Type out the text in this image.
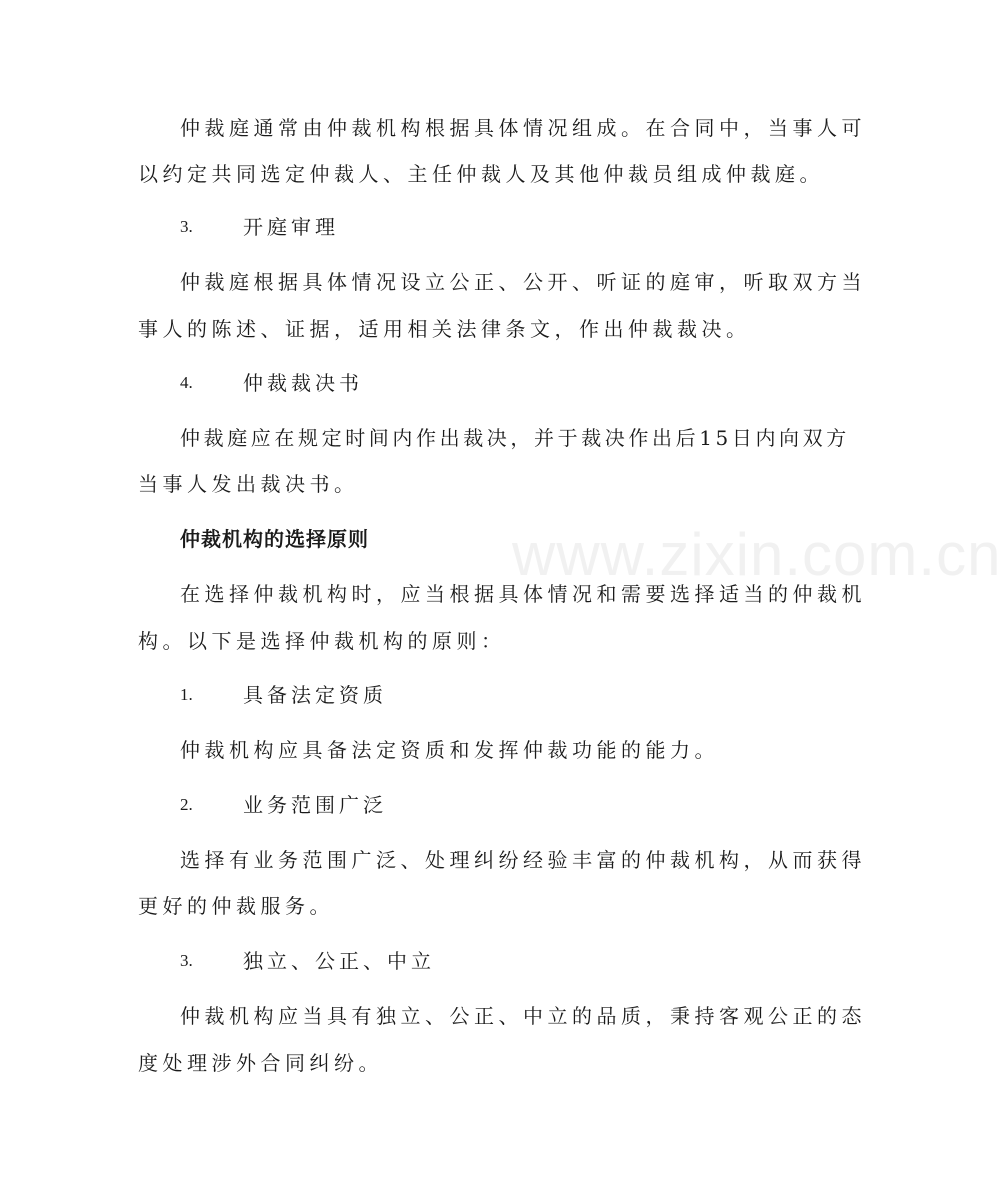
www.zixin.com.cn
仲裁庭通常由仲裁机构根据具体情况组成。在合同中，当事人可
以约定共同选定仲裁人、主任仲裁人及其他仲裁员组成仲裁庭。
3.	开庭审理
仲裁庭根据具体情况设立公正、公开、听证的庭审，听取双方当
事人的陈述、证据，适用相关法律条文，作出仲裁裁决。
4.	仲裁裁决书
仲裁庭应在规定时间内作出裁决，并于裁决作出后15日内向双方
当事人发出裁决书。
仲裁机构的选择原则
在选择仲裁机构时，应当根据具体情况和需要选择适当的仲裁机
构。以下是选择仲裁机构的原则：
1.	具备法定资质
仲裁机构应具备法定资质和发挥仲裁功能的能力。
2.	业务范围广泛
选择有业务范围广泛、处理纠纷经验丰富的仲裁机构，从而获得
更好的仲裁服务。
3.	独立、公正、中立
仲裁机构应当具有独立、公正、中立的品质，秉持客观公正的态
度处理涉外合同纠纷。
